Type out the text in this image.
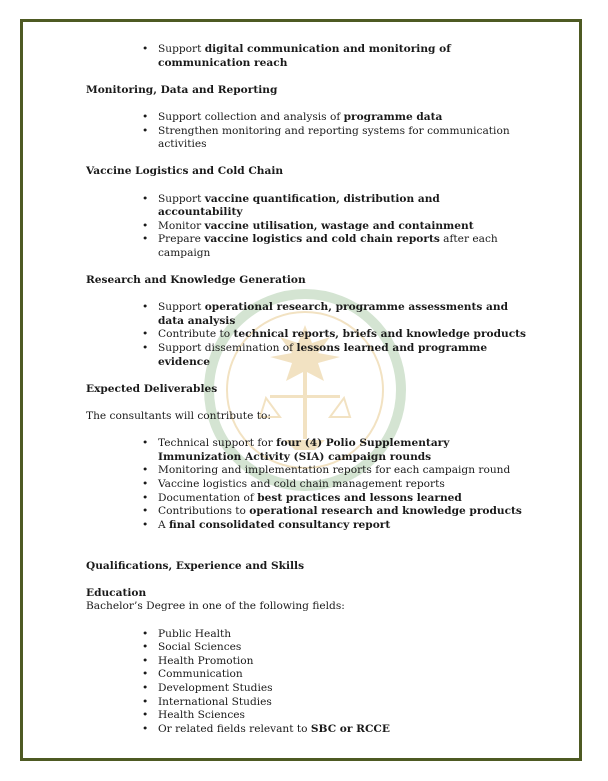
• Support digital communication and monitoring of communication reach
Monitoring, Data and Reporting
• Support collection and analysis of programme data
• Strengthen monitoring and reporting systems for communication activities
Vaccine Logistics and Cold Chain
• Support vaccine quantification, distribution and accountability
• Monitor vaccine utilisation, wastage and containment
• Prepare vaccine logistics and cold chain reports after each campaign
Research and Knowledge Generation
• Support operational research, programme assessments and data analysis
• Contribute to technical reports, briefs and knowledge products
• Support dissemination of lessons learned and programme evidence
Expected Deliverables

The consultants will contribute to:

• Technical support for four (4) Polio Supplementary Immunization Activity (SIA) campaign rounds
• Monitoring and implementation reports for each campaign round
• Vaccine logistics and cold chain management reports
• Documentation of best practices and lessons learned
• Contributions to operational research and knowledge products
• A final consolidated consultancy report
Qualifications, Experience and Skills
Education

Bachelor’s Degree in one of the following fields:

• Public Health
• Social Sciences
• Health Promotion
• Communication
• Development Studies
• International Studies
• Health Sciences
• Or related fields relevant to SBC or RCCE
